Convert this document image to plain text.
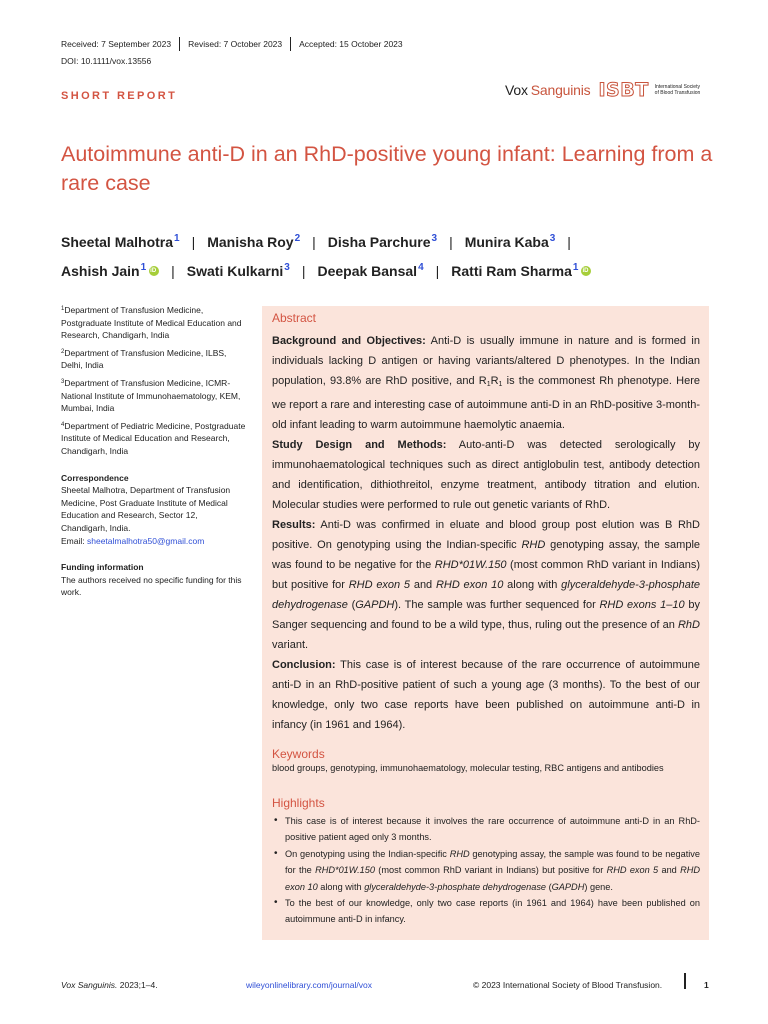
Received: 7 September 2023 Revised: 7 October 2023 Accepted: 15 October 2023
DOI: 10.1111/vox.13556
Vox Sanguinis ISBT International Society
of Blood Transfusion
SHORT REPORT
Autoimmune anti-D in an RhD-positive young infant: Learning from a rare case
Sheetal Malhotra$^1$ | Manisha Roy$^2$ | Disha Parchure$^3$ | Munira Kaba$^3$ |
Ashish Jain$^1$iD | Swati Kulkarni$^3$ | Deepak Bansal$^4$ | Ratti Ram Sharma$^1$iD
$^1$Department of Transfusion Medicine, Postgraduate Institute of Medical Education and Research, Chandigarh, India
$^2$Department of Transfusion Medicine, ILBS, Delhi, India
$^3$Department of Transfusion Medicine, ICMR-National Institute of Immunohaematology, KEM, Mumbai, India
$^4$Department of Pediatric Medicine, Postgraduate Institute of Medical Education and Research, Chandigarh, India
Correspondence
Sheetal Malhotra, Department of Transfusion Medicine, Post Graduate Institute of Medical Education and Research, Sector 12, Chandigarh, India.
Email: sheetalmalhotra50@gmail.com
Funding information
The authors received no specific funding for this work.
Abstract

Background and Objectives: Anti-D is usually immune in nature and is formed in individuals lacking D antigen or having variants/altered D phenotypes. In the Indian population, 93.8% are RhD positive, and $R_1R_1$ is the commonest Rh phenotype. Here we report a rare and interesting case of autoimmune anti-D in an RhD-positive 3-month-old infant leading to warm autoimmune haemolytic anaemia.

Study Design and Methods: Auto-anti-D was detected serologically by immunohaematological techniques such as direct antiglobulin test, antibody detection and identification, dithiothreitol, enzyme treatment, antibody titration and elution. Molecular studies were performed to rule out genetic variants of RhD.

Results: Anti-D was confirmed in eluate and blood group post elution was B RhD positive. On genotyping using the Indian-specific RHD genotyping assay, the sample was found to be negative for the RHD*01W.150 (most common RhD variant in Indians) but positive for RHD exon 5 and RHD exon 10 along with glyceraldehyde-3-phosphate dehydrogenase (GAPDH). The sample was further sequenced for RHD exons 1–10 by Sanger sequencing and found to be a wild type, thus, ruling out the presence of an RhD variant.

Conclusion: This case is of interest because of the rare occurrence of autoimmune anti-D in an RhD-positive patient of such a young age (3 months). To the best of our knowledge, only two case reports have been published on autoimmune anti-D in infancy (in 1961 and 1964).

Keywords

blood groups, genotyping, immunohaematology, molecular testing, RBC antigens and antibodies

Highlights
• This case is of interest because it involves the rare occurrence of autoimmune anti-D in an RhD-positive patient aged only 3 months.
• On genotyping using the Indian-specific RHD genotyping assay, the sample was found to be negative for the RHD*01W.150 (most common RhD variant in Indians) but positive for RHD exon 5 and RHD exon 10 along with glyceraldehyde-3-phosphate dehydrogenase (GAPDH) gene.
• To the best of our knowledge, only two case reports (in 1961 and 1964) have been published on autoimmune anti-D in infancy.
Vox Sanguinis. 2023;1–4.	wileyonlinelibrary.com/journal/vox	© 2023 International Society of Blood Transfusion.	1
